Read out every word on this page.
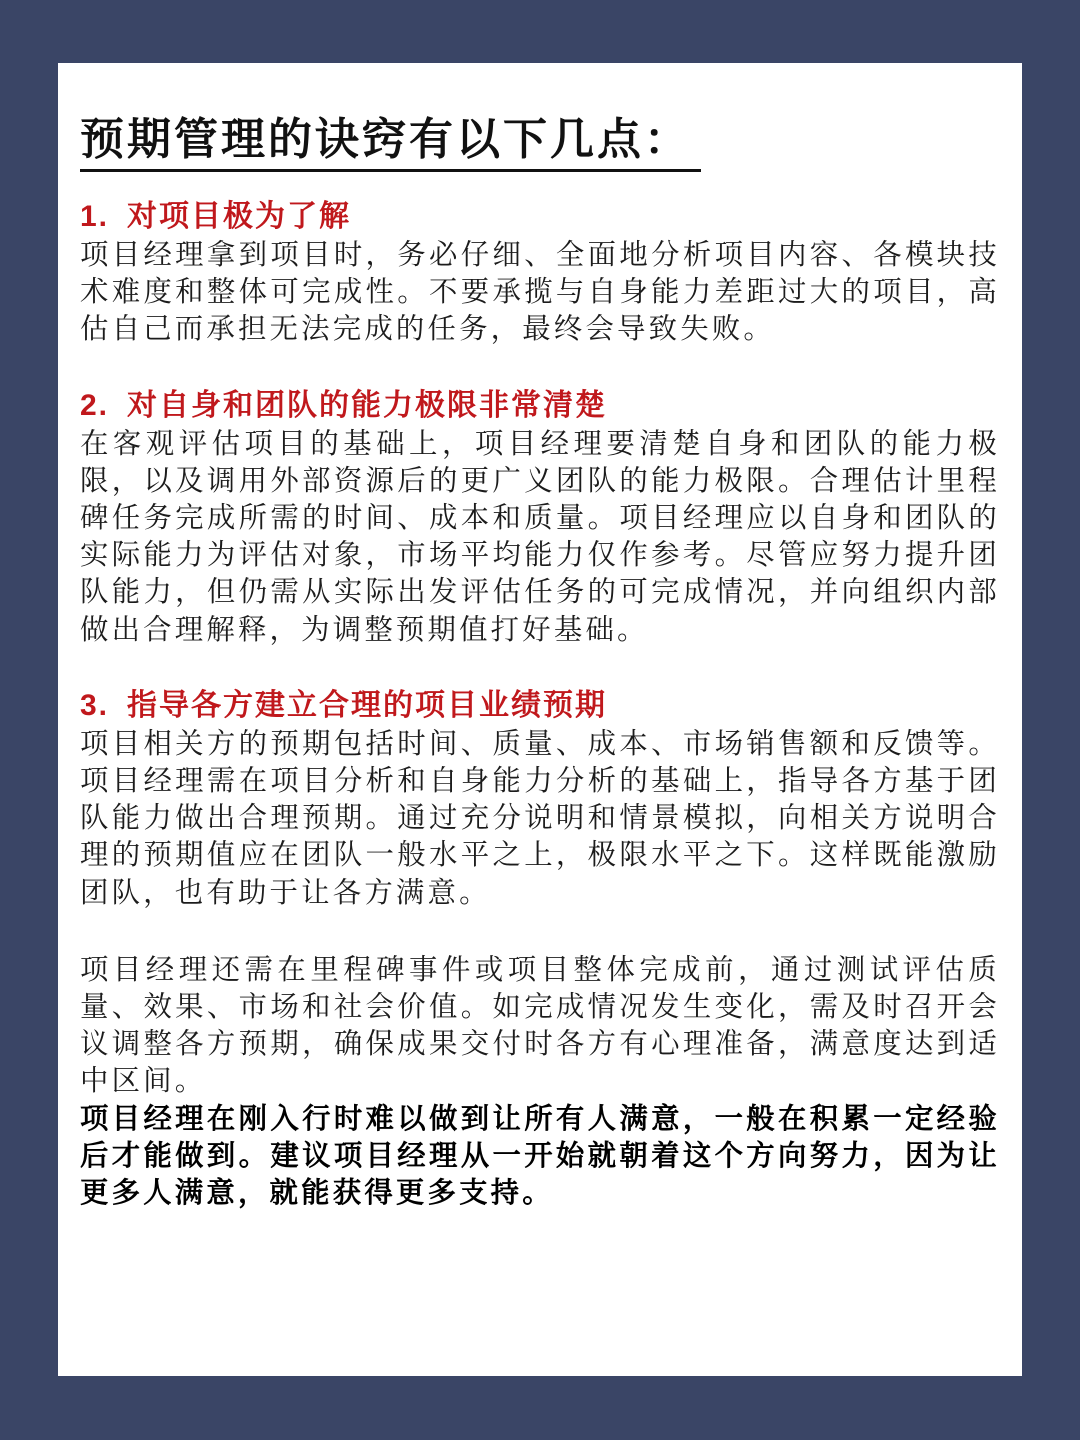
预期管理的诀窍有以下几点：

1. 对项目极为了解

项目经理拿到项目时，务必仔细、全面地分析项目内容、各模块技术难度和整体可完成性。不要承揽与自身能力差距过大的项目，高估自己而承担无法完成的任务，最终会导致失败。

2. 对自身和团队的能力极限非常清楚

在客观评估项目的基础上，项目经理要清楚自身和团队的能力极限，以及调用外部资源后的更广义团队的能力极限。合理估计里程碑任务完成所需的时间、成本和质量。项目经理应以自身和团队的实际能力为评估对象，市场平均能力仅作参考。尽管应努力提升团队能力，但仍需从实际出发评估任务的可完成情况，并向组织内部做出合理解释，为调整预期值打好基础。

3. 指导各方建立合理的项目业绩预期

项目相关方的预期包括时间、质量、成本、市场销售额和反馈等。项目经理需在项目分析和自身能力分析的基础上，指导各方基于团队能力做出合理预期。通过充分说明和情景模拟，向相关方说明合理的预期值应在团队一般水平之上，极限水平之下。这样既能激励团队，也有助于让各方满意。

项目经理还需在里程碑事件或项目整体完成前，通过测试评估质量、效果、市场和社会价值。如完成情况发生变化，需及时召开会议调整各方预期，确保成果交付时各方有心理准备，满意度达到适中区间。

项目经理在刚入行时难以做到让所有人满意，一般在积累一定经验后才能做到。建议项目经理从一开始就朝着这个方向努力，因为让更多人满意，就能获得更多支持。
